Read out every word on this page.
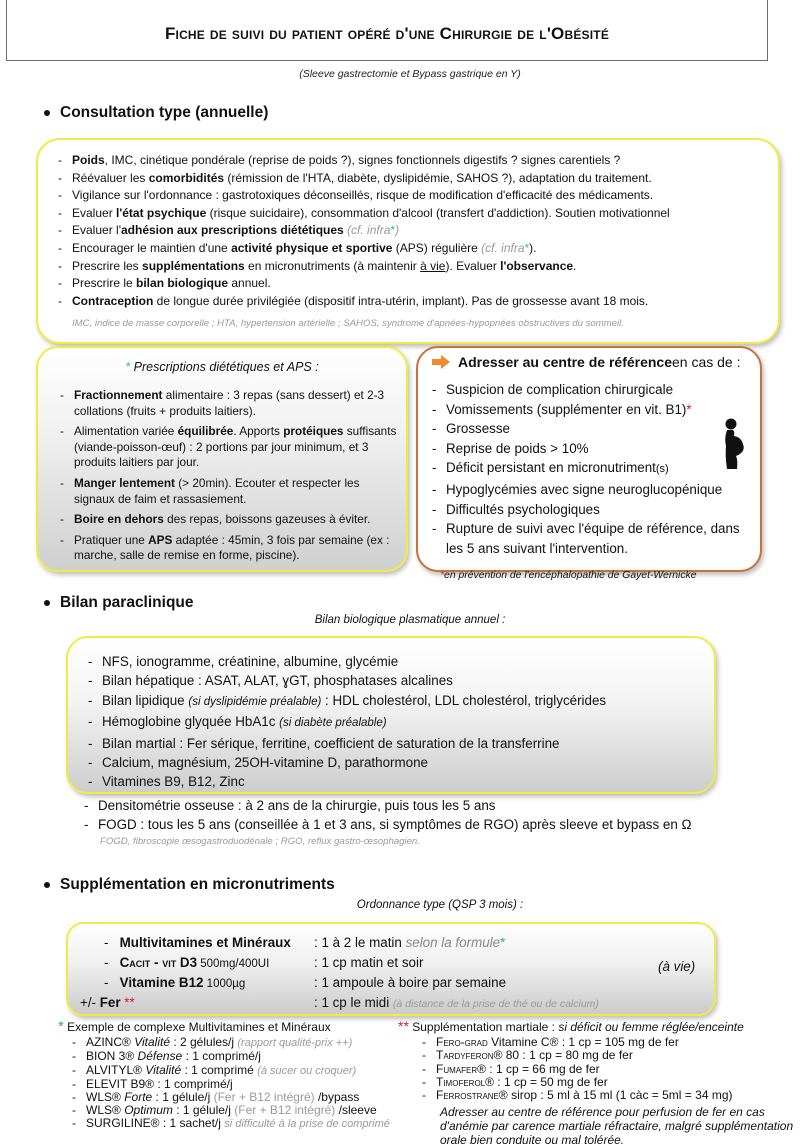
Fiche de suivi du patient opéré d'une Chirurgie de l'Obésité
(Sleeve gastrectomie et Bypass gastrique en Y)
Consultation type (annuelle)
- Poids, IMC, cinétique pondérale (reprise de poids ?), signes fonctionnels digestifs ? signes carentiels ?
- Réévaluer les comorbidités (rémission de l'HTA, diabète, dyslipidémie, SAHOS ?), adaptation du traitement.
- Vigilance sur l'ordonnance : gastrotoxiques déconseillés, risque de modification d'efficacité des médicaments.
- Evaluer l'état psychique (risque suicidaire), consommation d'alcool (transfert d'addiction). Soutien motivationnel
- Evaluer l'adhésion aux prescriptions diététiques (cf. infra*)
- Encourager le maintien d'une activité physique et sportive (APS) régulière (cf. infra*).
- Prescrire les supplémentations en micronutriments (à maintenir à vie). Evaluer l'observance.
- Prescrire le bilan biologique annuel.
- Contraception de longue durée privilégiée (dispositif intra-utérin, implant). Pas de grossesse avant 18 mois.
IMC, indice de masse corporelle ; HTA, hypertension artérielle ; SAHOS, syndrome d'apnées-hypopnées obstructives du sommeil.
* Prescriptions diététiques et APS :
- Fractionnement alimentaire : 3 repas (sans dessert) et 2-3 collations (fruits + produits laitiers).
- Alimentation variée équilibrée. Apports protéiques suffisants (viande-poisson-œuf) : 2 portions par jour minimum, et 3 produits laitiers par jour.
- Manger lentement (> 20min). Ecouter et respecter les signaux de faim et rassasiement.
- Boire en dehors des repas, boissons gazeuses à éviter.
- Pratiquer une APS adaptée : 45min, 3 fois par semaine (ex : marche, salle de remise en forme, piscine).
Adresser au centre de référence en cas de :
- Suspicion de complication chirurgicale
- Vomissements (supplémenter en vit. B1)*
- Grossesse
- Reprise de poids > 10%
- Déficit persistant en micronutriment(s)
- Hypoglycémies avec signe neuroglucopénique
- Difficultés psychologiques
- Rupture de suivi avec l'équipe de référence, dans les 5 ans suivant l'intervention.
*en prévention de l'encéphalopathie de Gayet-Wernicke
Bilan paraclinique
Bilan biologique plasmatique annuel :
- NFS, ionogramme, créatinine, albumine, glycémie
- Bilan hépatique : ASAT, ALAT, ɣGT, phosphatases alcalines
- Bilan lipidique (si dyslipidémie préalable) : HDL cholestérol, LDL cholestérol, triglycérides
- Hémoglobine glyquée HbA1c (si diabète préalable)
- Bilan martial : Fer sérique, ferritine, coefficient de saturation de la transferrine
- Calcium, magnésium, 25OH-vitamine D, parathormone
- Vitamines B9, B12, Zinc
- Densitométrie osseuse : à 2 ans de la chirurgie, puis tous les 5 ans
- FOGD : tous les 5 ans (conseillée à 1 et 3 ans, si symptômes de RGO) après sleeve et bypass en Ω
FOGD, fibroscopie œsogastroduodénale ; RGO, reflux gastro-œsophagien.
Supplémentation en micronutriments
Ordonnance type (QSP 3 mois) :
-   Multivitamines et Minéraux	: 1 à 2 le matin selon la formule*
-   Cacit - vit D3 500mg/400UI	: 1 cp matin et soir
-   Vitamine B12 1000µg	: 1 ampoule à boire par semaine
+/- Fer **	: 1 cp le midi (à distance de la prise de thé ou de calcium)
(à vie)
* Exemple de complexe Multivitamines et Minéraux
- AZINC® Vitalité : 2 gélules/j (rapport qualité-prix ++)
- BION 3® Défense : 1 comprimé/j
- ALVITYL® Vitalité : 1 comprimé (à sucer ou croquer)
- ELEVIT B9® : 1 comprimé/j
- WLS® Forte : 1 gélule/j (Fer + B12 intégré) /bypass
- WLS® Optimum : 1 gélule/j (Fer + B12 intégré) /sleeve
- SURGILINE® : 1 sachet/j si difficulté à la prise de comprimé
** Supplémentation martiale : si déficit ou femme réglée/enceinte
- Fero-grad Vitamine C® : 1 cp = 105 mg de fer
- Tardyferon® 80 : 1 cp = 80 mg de fer
- Fumafer® : 1 cp = 66 mg de fer
- Timoferol® : 1 cp = 50 mg de fer
- Ferrostrane® sirop : 5 ml à 15 ml (1 càc = 5ml = 34 mg)
Adresser au centre de référence pour perfusion de fer en cas d'anémie par carence martiale réfractaire, malgré supplémentation orale bien conduite ou mal tolérée.
